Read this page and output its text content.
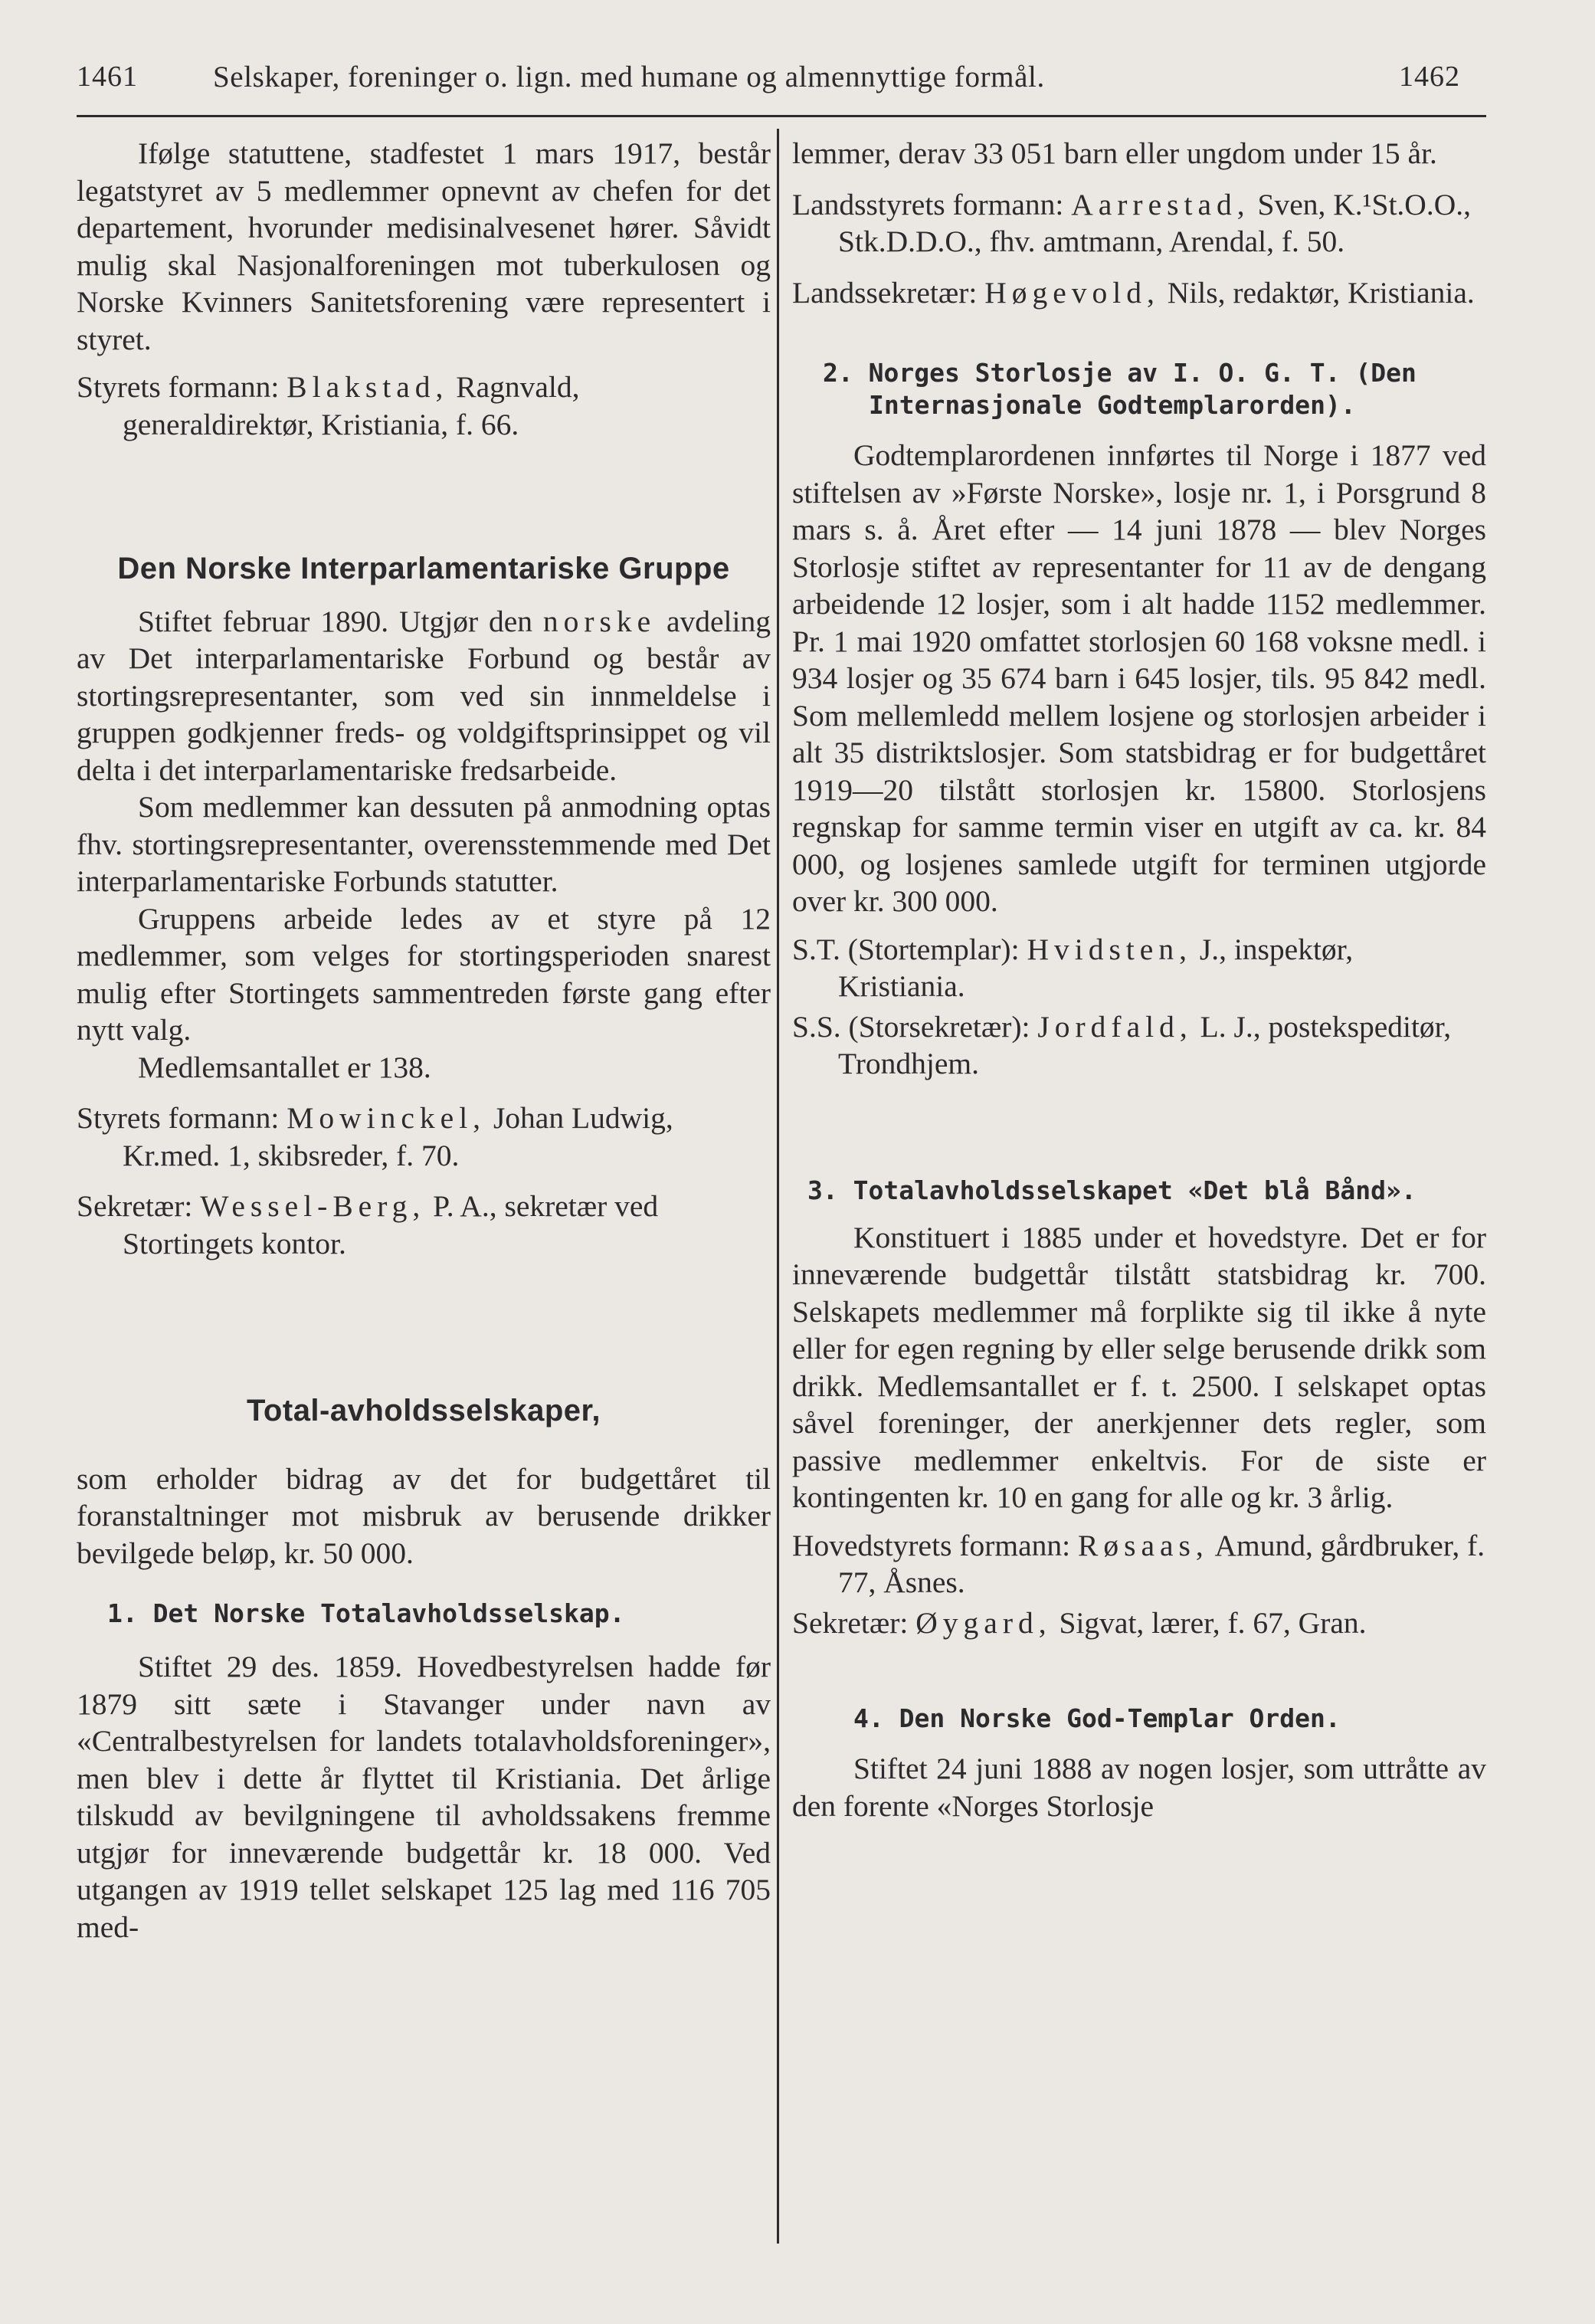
1461	Selskaper, foreninger o. lign. med humane og almennyttige formål.	1462

Ifølge statuttene, stadfestet 1 mars 1917, består legatstyret av 5 medlemmer opnevnt av chefen for det departement, hvorunder medisinalvesenet hører. Såvidt mulig skal Nasjonalforeningen mot tuberkulosen og Norske Kvinners Sanitetsforening være representert i styret.

Styrets formann: Blakstad, Ragnvald, generaldirektør, Kristiania, f. 66.

Den Norske Interparlamentariske Gruppe

Stiftet februar 1890. Utgjør den norske avdeling av Det interparlamentariske Forbund og består av stortingsrepresentanter, som ved sin innmeldelse i gruppen godkjenner freds- og voldgiftsprinsippet og vil delta i det interparlamentariske fredsarbeide.

Som medlemmer kan dessuten på anmodning optas fhv. stortingsrepresentanter, overensstemmende med Det interparlamentariske Forbunds statutter.

Gruppens arbeide ledes av et styre på 12 medlemmer, som velges for stortingsperioden snarest mulig efter Stortingets sammentreden første gang efter nytt valg.

Medlemsantallet er 138.

Styrets formann: Mowinckel, Johan Ludwig, Kr.med. 1, skibsreder, f. 70.

Sekretær: Wessel-Berg, P. A., sekretær ved Stortingets kontor.

Total-avholdsselskaper,

som erholder bidrag av det for budgettåret til foranstaltninger mot misbruk av berusende drikker bevilgede beløp, kr. 50 000.

1. Det Norske Totalavholdsselskap.

Stiftet 29 des. 1859. Hovedbestyrelsen hadde før 1879 sitt sæte i Stavanger under navn av «Centralbestyrelsen for landets totalavholdsforeninger», men blev i dette år flyttet til Kristiania. Det årlige tilskudd av bevilgningene til avholdssakens fremme utgjør for inneværende budgettår kr. 18 000. Ved utgangen av 1919 tellet selskapet 125 lag med 116 705 med-

lemmer, derav 33 051 barn eller ungdom under 15 år.

Landsstyrets formann: Aarrestad, Sven, K.¹St.O.O., Stk.D.D.O., fhv. amtmann, Arendal, f. 50.

Landssekretær: Høgevold, Nils, redaktør, Kristiania.

2. Norges Storlosje av I. O. G. T. (Den
Internasjonale Godtemplarorden).

Godtemplarordenen innførtes til Norge i 1877 ved stiftelsen av »Første Norske», losje nr. 1, i Porsgrund 8 mars s. å. Året efter — 14 juni 1878 — blev Norges Storlosje stiftet av representanter for 11 av de dengang arbeidende 12 losjer, som i alt hadde 1152 medlemmer. Pr. 1 mai 1920 omfattet storlosjen 60 168 voksne medl. i 934 losjer og 35 674 barn i 645 losjer, tils. 95 842 medl. Som mellemledd mellem losjene og storlosjen arbeider i alt 35 distriktslosjer. Som statsbidrag er for budgettåret 1919—20 tilstått storlosjen kr. 15800. Storlosjens regnskap for samme termin viser en utgift av ca. kr. 84 000, og losjenes samlede utgift for terminen utgjorde over kr. 300 000.

S.T. (Stortemplar): Hvidsten, J., inspektør, Kristiania.

S.S. (Storsekretær): Jordfald, L. J., postekspeditør, Trondhjem.

3. Totalavholdsselskapet «Det blå Bånd».

Konstituert i 1885 under et hovedstyre. Det er for inneværende budgettår tilstått statsbidrag kr. 700. Selskapets medlemmer må forplikte sig til ikke å nyte eller for egen regning by eller selge berusende drikk som drikk. Medlemsantallet er f. t. 2500. I selskapet optas såvel foreninger, der anerkjenner dets regler, som passive medlemmer enkeltvis. For de siste er kontingenten kr. 10 en gang for alle og kr. 3 årlig.

Hovedstyrets formann: Røsaas, Amund, gårdbruker, f. 77, Åsnes.

Sekretær: Øygard, Sigvat, lærer, f. 67, Gran.

4. Den Norske God-Templar Orden.

Stiftet 24 juni 1888 av nogen losjer, som uttråtte av den forente «Norges Storlosje
